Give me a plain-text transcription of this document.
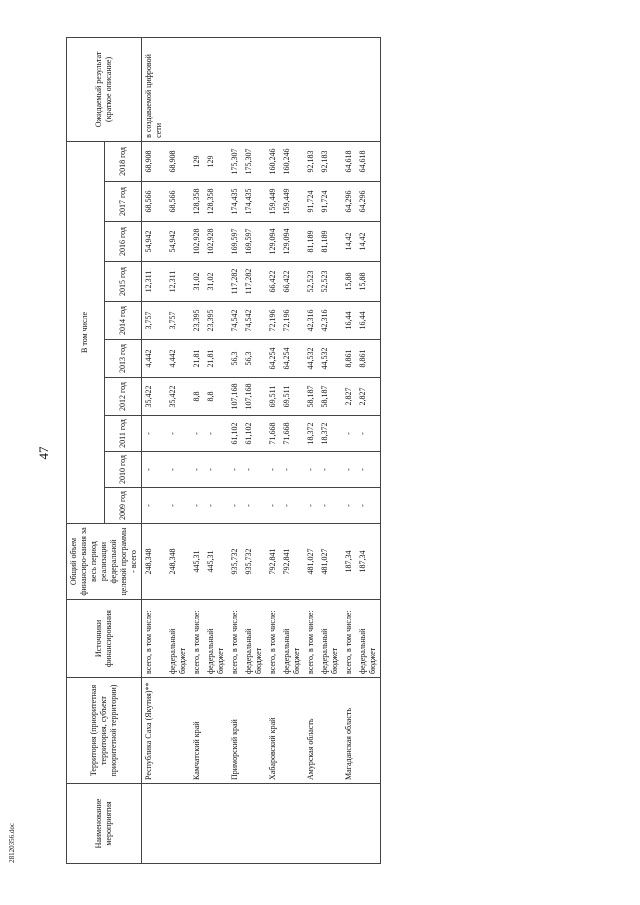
47
28120356.doc	Наименование мероприятия	Территория (приоритетная территория, субъект приоритетной территории)	Источники финансирования	Общий объем финансиро-вания за весь период реализации федеральной целевой программы - всего	В том числе										Ожидаемый результат (краткое описание)
				2009 год	2010 год	2011 год	2012 год	2013 год	2014 год	2015 год	2016 год	2017 год	2018 год	
	Республика Саха (Якутия)**	всего, в том числе:	248,348	-	-	-	35,422	4,442	3,757	12,311	54,942	68,566	68,908	в создаваемой цифровой сети
		федеральный бюджет	248,348	-	-	-	35,422	4,442	3,757	12,311	54,942	68,566	68,908	
	Камчатский край	всего, в том числе:	445,31	-	-	-	8,8	21,81	23,395	31,02	102,928	128,358	129	
		федеральный бюджет	445,31	-	-	-	8,8	21,81	23,395	31,02	102,928	128,358	129	
	Приморский край	всего, в том числе:	935,732	-	-	61,102	107,168	56,3	74,542	117,282	169,597	174,435	175,307	
		федеральный бюджет	935,732	-	-	61,102	107,168	56,3	74,542	117,282	169,597	174,435	175,307	
	Хабаровский край	всего, в том числе:	792,841	-	-	71,668	69,511	64,254	72,196	66,422	129,094	159,449	160,246	
		федеральный бюджет	792,841	-	-	71,668	69,511	64,254	72,196	66,422	129,094	159,449	160,246	
	Амурская область	всего, в том числе:	481,027	-	-	18,372	58,187	44,532	42,316	52,523	81,189	91,724	92,183	
		федеральный бюджет	481,027	-	-	18,372	58,187	44,532	42,316	52,523	81,189	91,724	92,183	
	Магаданская область	всего, в том числе:	187,34	-	-	-	2,827	8,861	16,44	15,88	14,42	64,296	64,618	
		федеральный бюджет	187,34	-	-	-	2,827	8,861	16,44	15,88	14,42	64,296	64,618	
